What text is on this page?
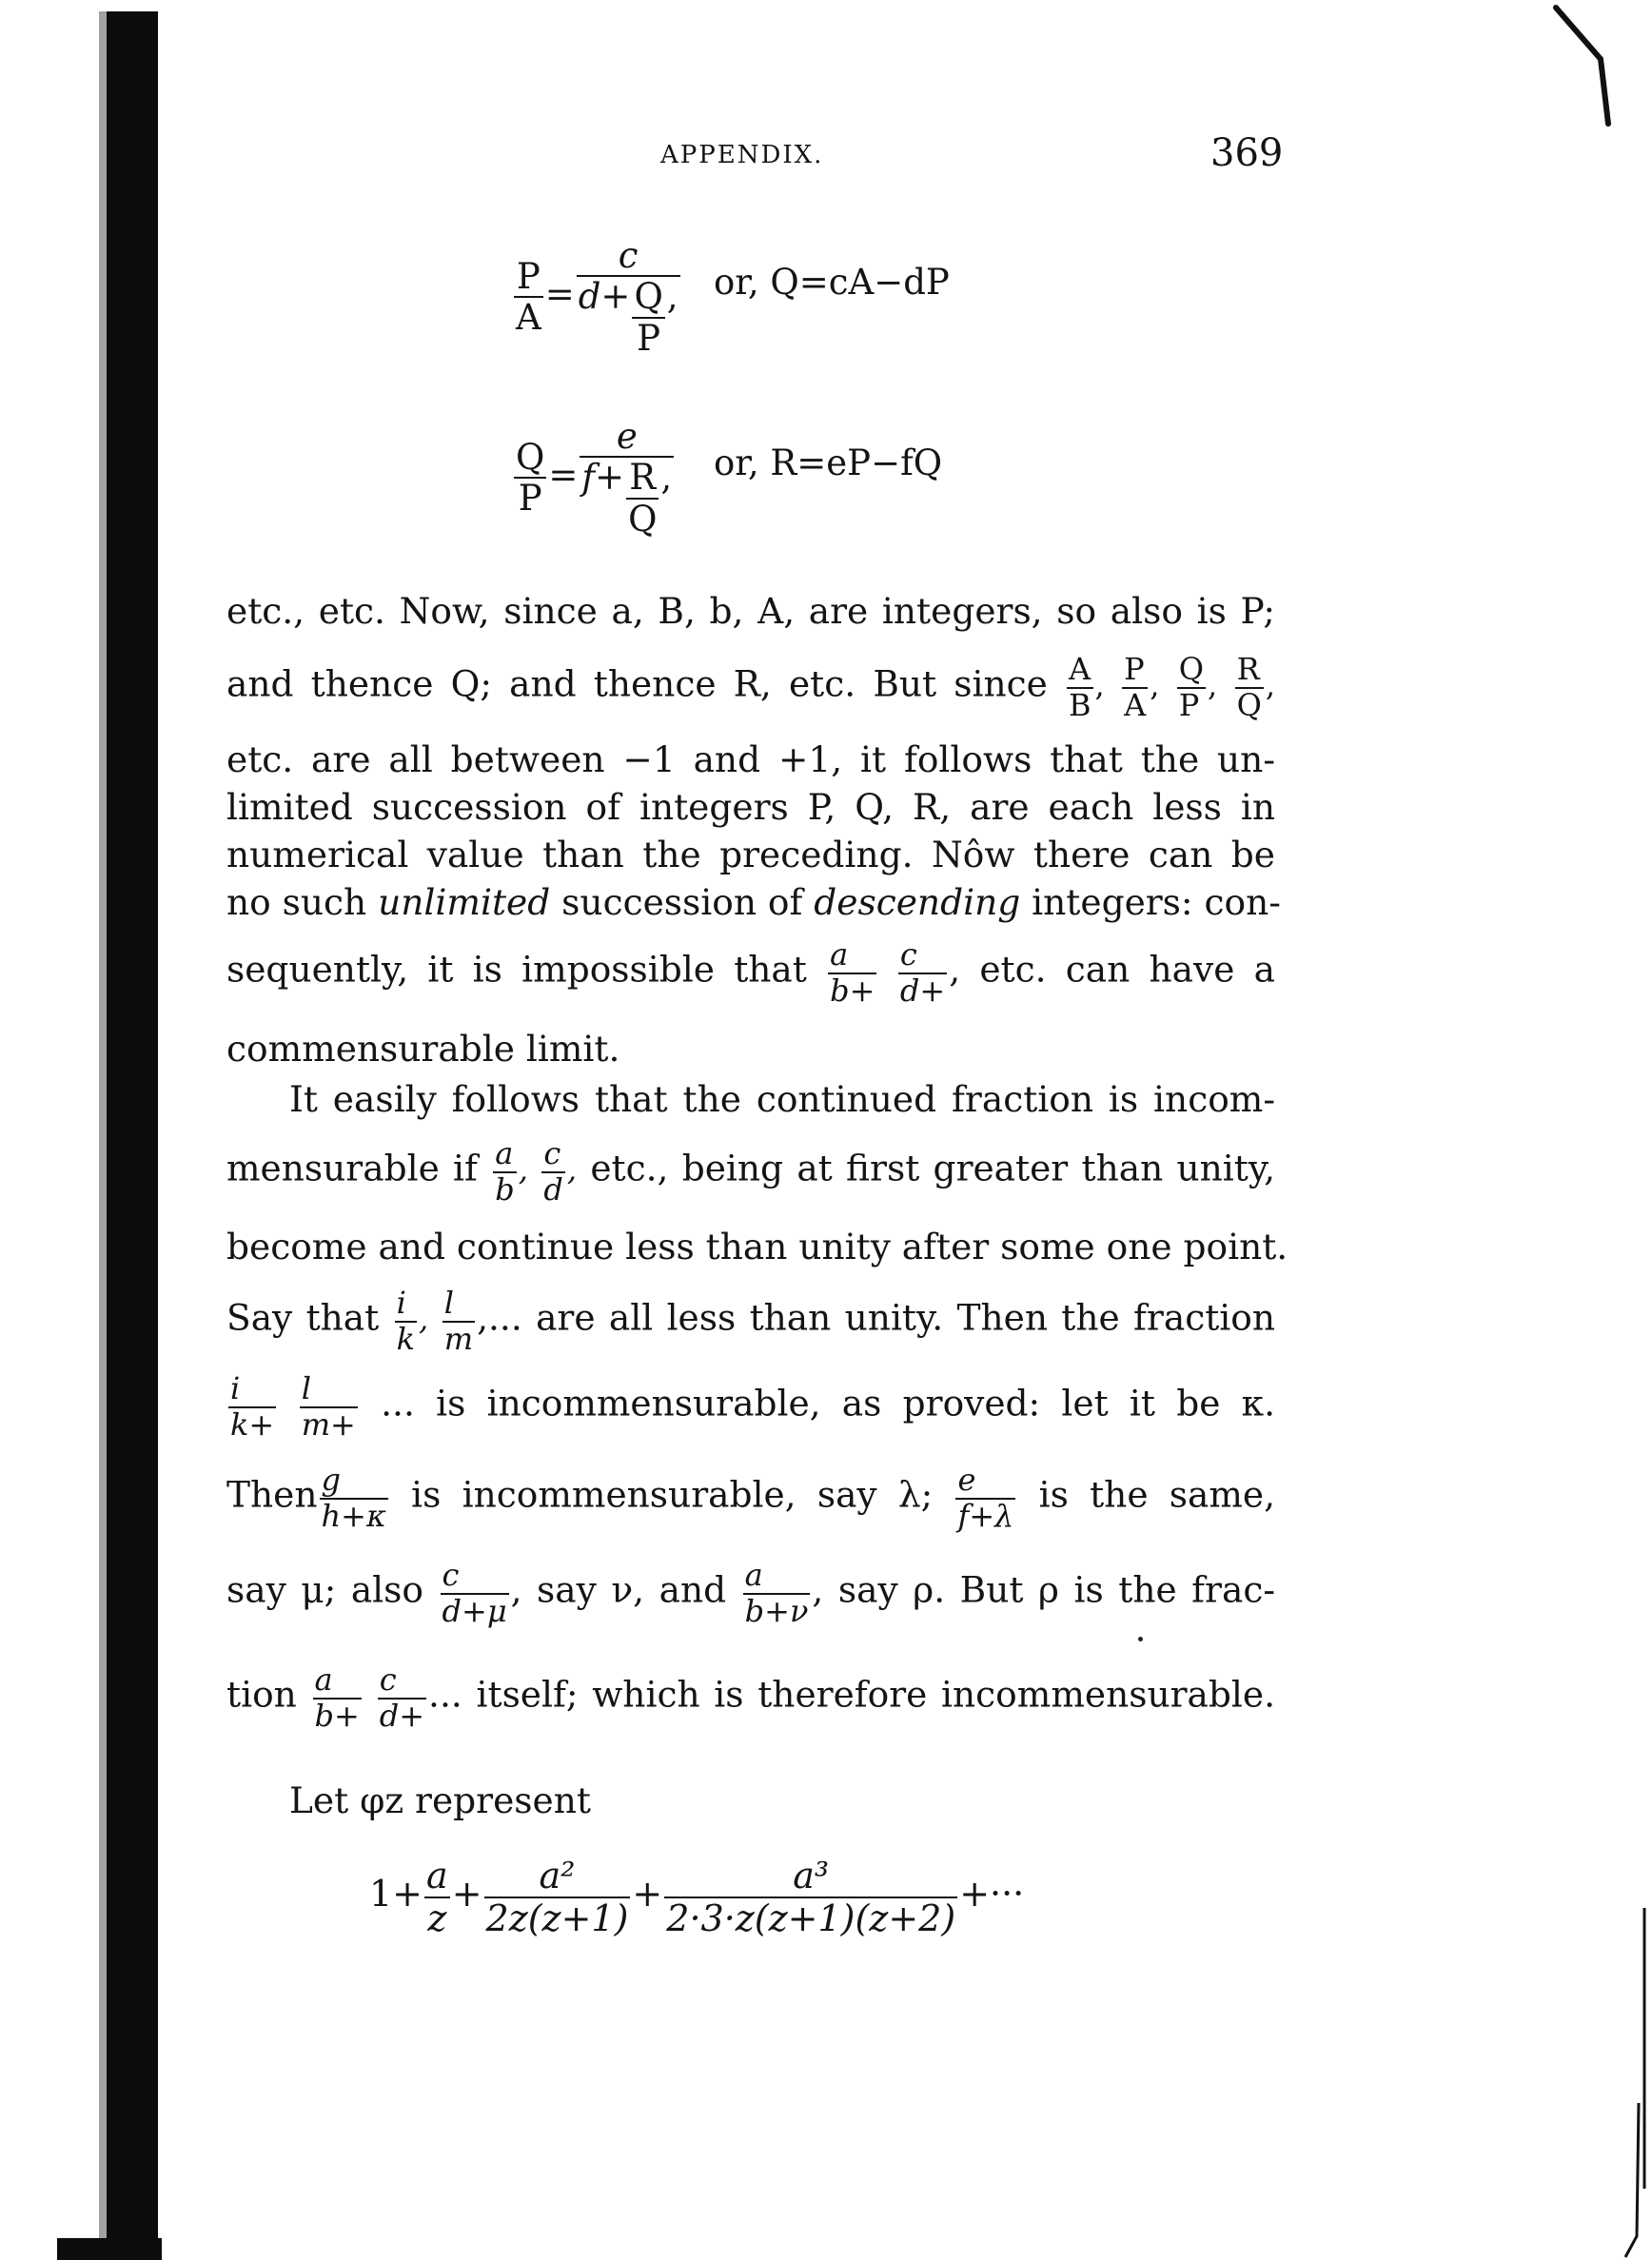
APPENDIX.	369
$\frac{P}{A} = \frac{c}{d+ \frac{Q}{P} ,}$ or, Q=cA−dP
$\frac{Q}{P} = \frac{e}{f+ \frac{R}{Q} ,}$ or, R=eP−fQ
etc., etc. Now, since a, B, b, A, are integers, so also is P;
and thence Q; and thence R, etc. But since $\frac{A}{B}$ , $\frac{P}{A}$ , $\frac{Q}{P}$ , $\frac{R}{Q}$ ,
etc. are all between −1 and +1, it follows that the un-
limited succession of integers P, Q, R, are each less in
numerical value than the preceding. Nôw there can be
no such unlimited succession of descending integers: con-
sequently, it is impossible that $\frac{a}{b+}$
$\frac{c}{d+}$ , etc. can have a
commensurable limit.
It easily follows that the continued fraction is incom-
mensurable if $\frac{a}{b}$ , $\frac{c}{d}$ , etc., being at first greater than unity,
become and continue less than unity after some one point.
Say that $\frac{i}{k}$ , $\frac{l}{m}$ ,... are all less than unity. Then the fraction
$\frac{i}{k+}$
$\frac{l}{m+}$ ... is incommensurable, as proved: let it be κ.
Then $\frac{g}{h+\kappa}$ is incommensurable, say λ; $\frac{e}{f+\lambda}$ is the same,
say μ; also $\frac{c}{d+\mu}$ , say ν, and $\frac{a}{b+\nu}$ , say ρ. But ρ is the frac-
tion $\frac{a}{b+}$
$\frac{c}{d+}$ ... itself; which is therefore incommensurable.
Let φz represent
$1+ \frac{a}{z} + \frac{\text{a²}}{2z(z+1)} + \frac{\text{a³}}{2\cdot 3\cdot z(z+1)(z+2)}$ +···
